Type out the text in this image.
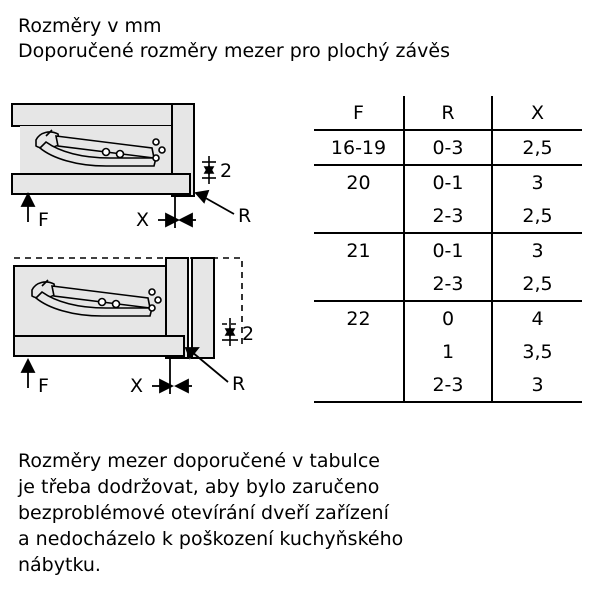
Rozměry v mm
Doporučené rozměry mezer pro plochý závěs
2
F	X	R
2
F	X	R
F	R	X
16-19	0-3	2,5
20	0-1	3
	2-3	2,5
21	0-1	3
	2-3	2,5
22	0	4
	1	3,5
	2-3	3
Rozměry mezer doporučené v tabulce
je třeba dodržovat, aby bylo zaručeno
bezproblémové otevírání dveří zařízení
a nedocházelo k poškození kuchyňského
nábytku.
